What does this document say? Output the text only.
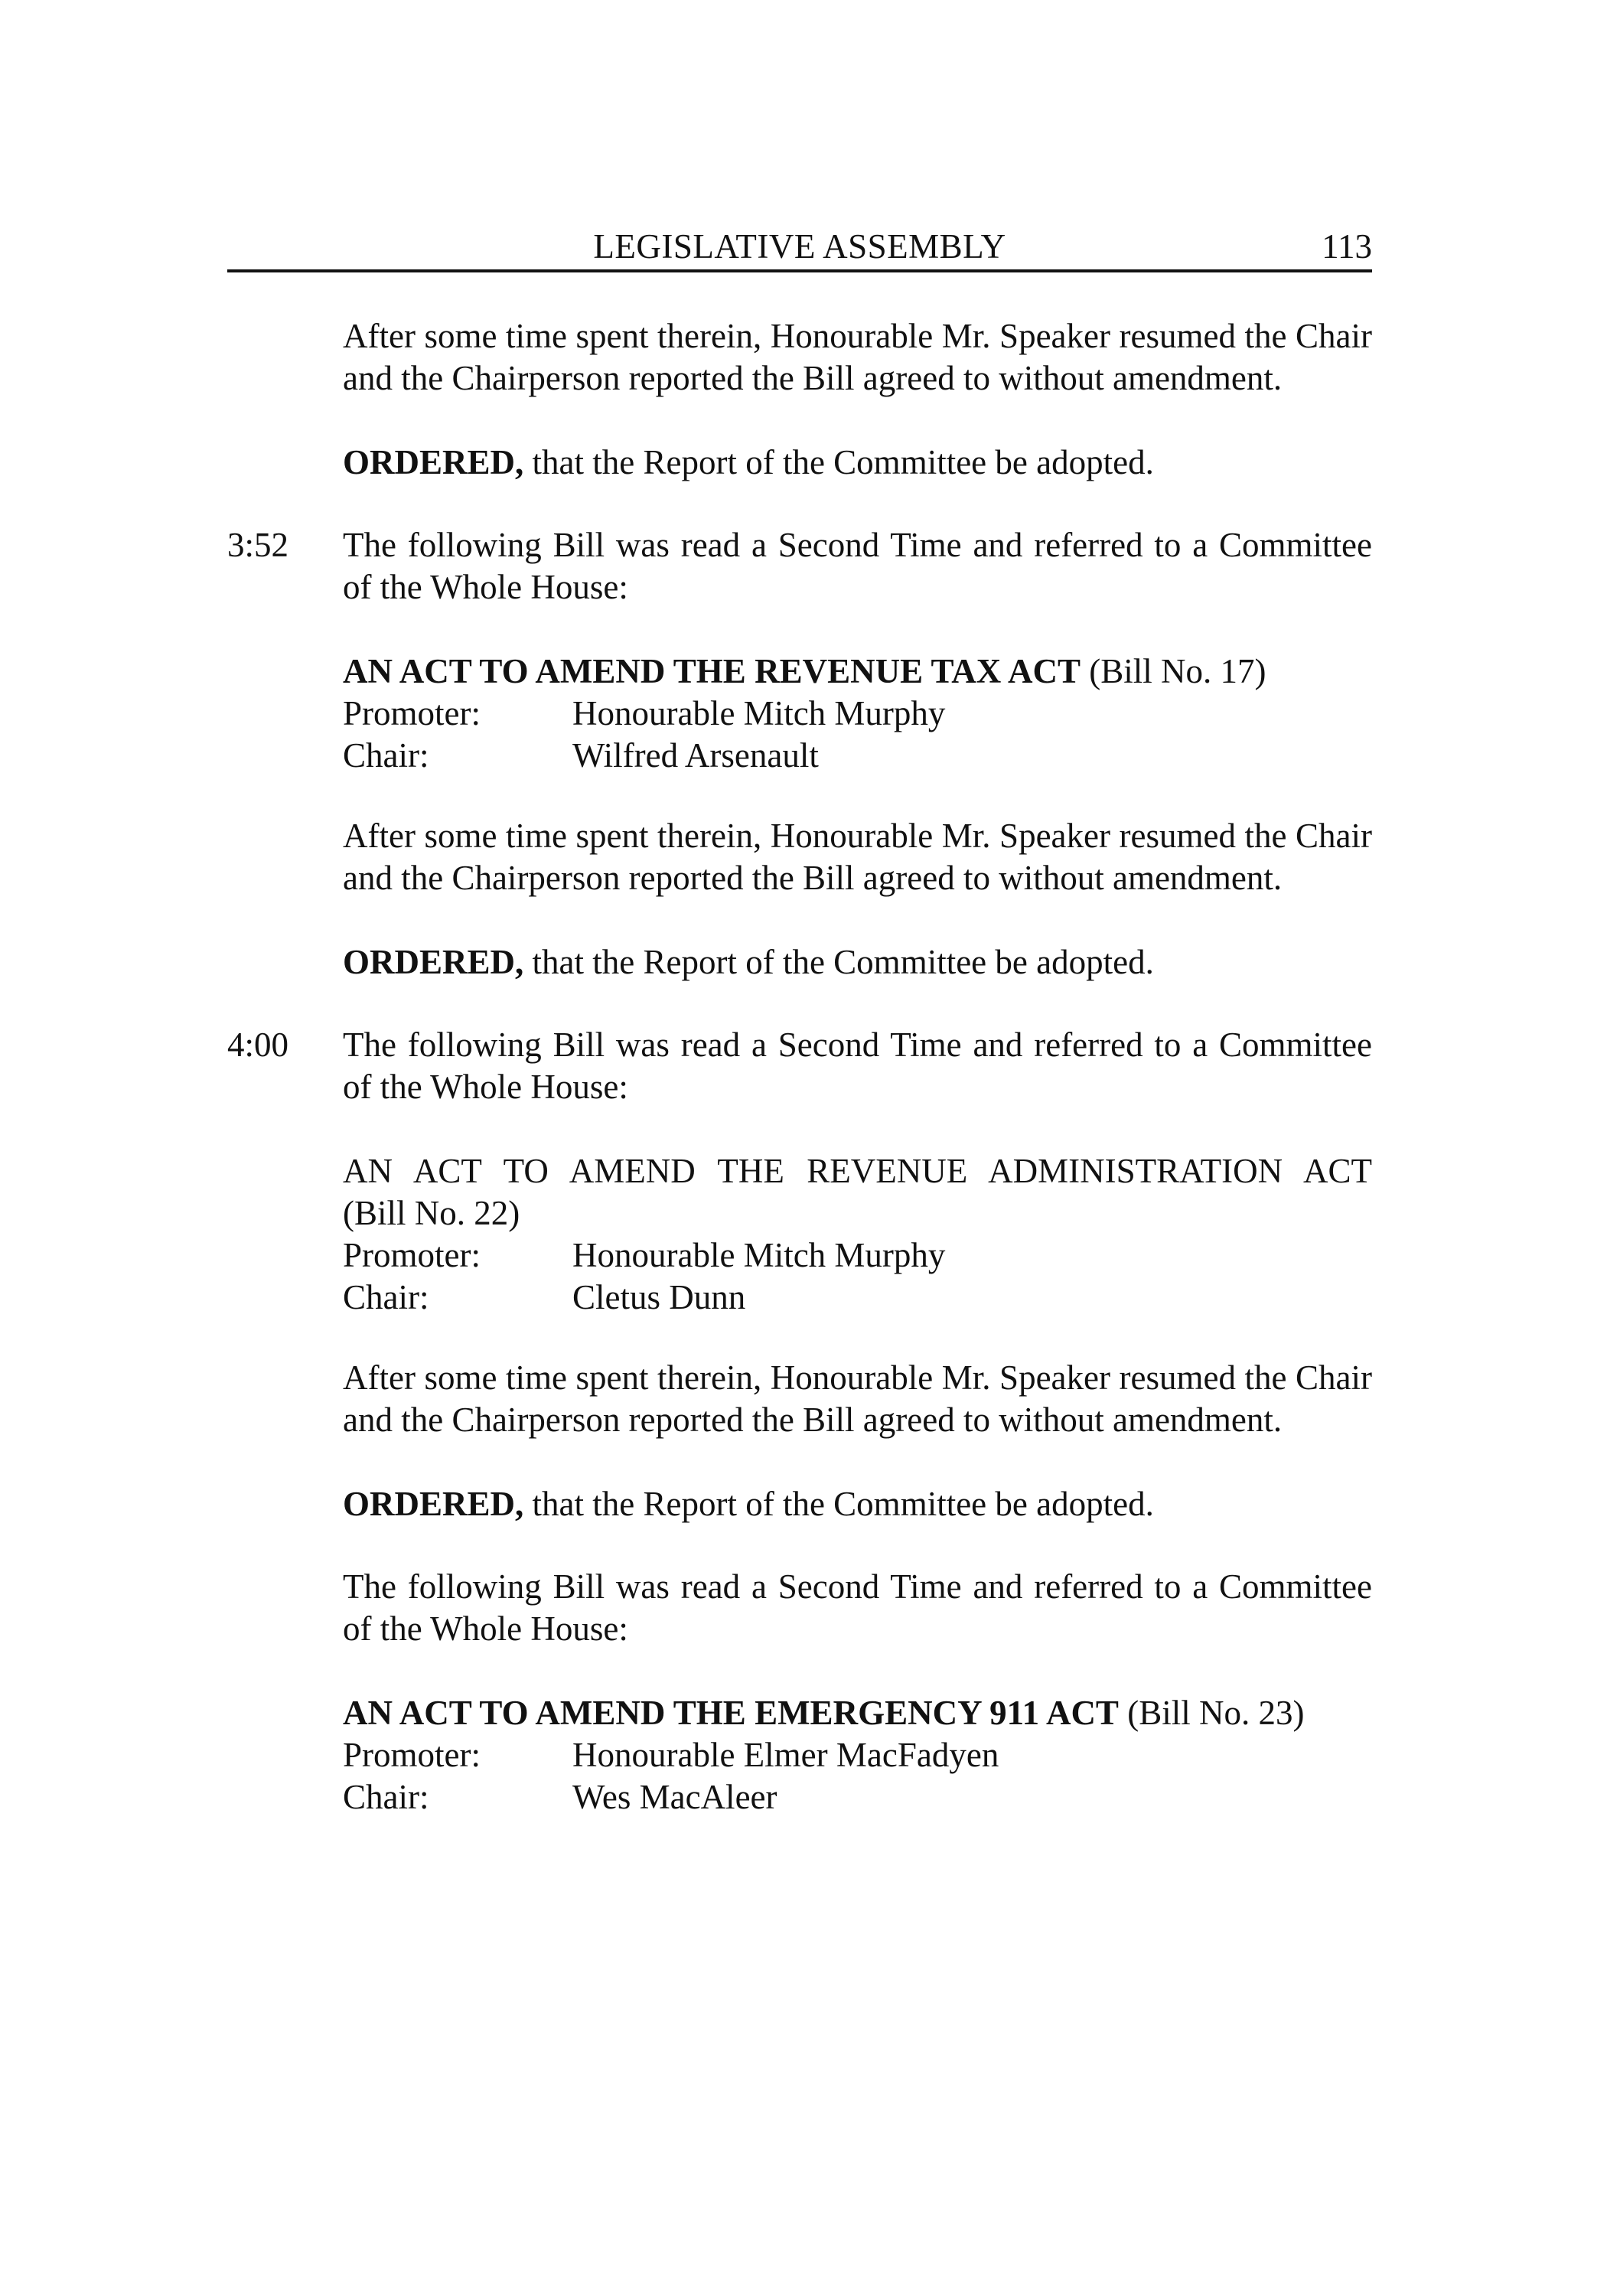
LEGISLATIVE ASSEMBLY	113
After some time spent therein, Honourable Mr. Speaker resumed the Chair and the Chairperson reported the Bill agreed to without amendment.
ORDERED, that the Report of the Committee be adopted.
3:52 The following Bill was read a Second Time and referred to a Committee of the Whole House:
AN ACT TO AMEND THE REVENUE TAX ACT (Bill No. 17)
Promoter:	Honourable Mitch Murphy
Chair:	Wilfred Arsenault
After some time spent therein, Honourable Mr. Speaker resumed the Chair and the Chairperson reported the Bill agreed to without amendment.
ORDERED, that the Report of the Committee be adopted.
4:00 The following Bill was read a Second Time and referred to a Committee of the Whole House:
AN ACT TO AMEND THE REVENUE ADMINISTRATION ACT
(Bill No. 22)
Promoter:	Honourable Mitch Murphy
Chair:	Cletus Dunn
After some time spent therein, Honourable Mr. Speaker resumed the Chair and the Chairperson reported the Bill agreed to without amendment.
ORDERED, that the Report of the Committee be adopted.
The following Bill was read a Second Time and referred to a Committee of the Whole House:
AN ACT TO AMEND THE EMERGENCY 911 ACT (Bill No. 23)
Promoter:	Honourable Elmer MacFadyen
Chair:	Wes MacAleer
